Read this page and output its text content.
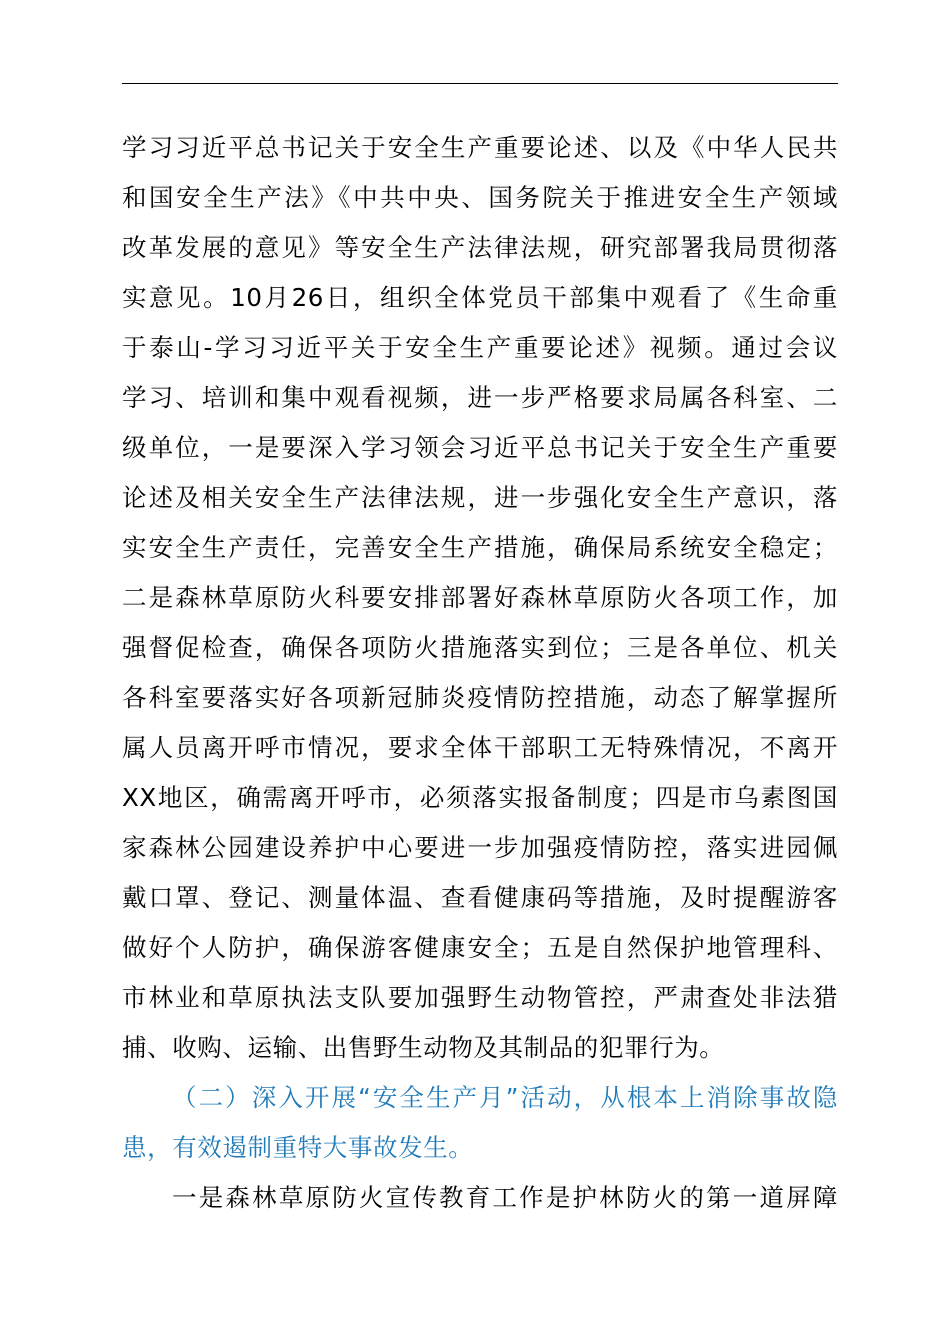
学习习近平总书记关于安全生产重要论述、以及《中华人民共
和国安全生产法》《中共中央、国务院关于推进安全生产领域
改革发展的意见》等安全生产法律法规，研究部署我局贯彻落
实意见。10月26日，组织全体党员干部集中观看了《生命重
于泰山-学习习近平关于安全生产重要论述》视频。通过会议
学习、培训和集中观看视频，进一步严格要求局属各科室、二
级单位，一是要深入学习领会习近平总书记关于安全生产重要
论述及相关安全生产法律法规，进一步强化安全生产意识，落
实安全生产责任，完善安全生产措施，确保局系统安全稳定；
二是森林草原防火科要安排部署好森林草原防火各项工作，加
强督促检查，确保各项防火措施落实到位；三是各单位、机关
各科室要落实好各项新冠肺炎疫情防控措施，动态了解掌握所
属人员离开呼市情况，要求全体干部职工无特殊情况，不离开
XX地区，确需离开呼市，必须落实报备制度；四是市乌素图国
家森林公园建设养护中心要进一步加强疫情防控，落实进园佩
戴口罩、登记、测量体温、查看健康码等措施，及时提醒游客
做好个人防护，确保游客健康安全；五是自然保护地管理科、
市林业和草原执法支队要加强野生动物管控，严肃查处非法猎
捕、收购、运输、出售野生动物及其制品的犯罪行为。
（二）深入开展“安全生产月”活动，从根本上消除事故隐
患，有效遏制重特大事故发生。
一是森林草原防火宣传教育工作是护林防火的第一道屏障
